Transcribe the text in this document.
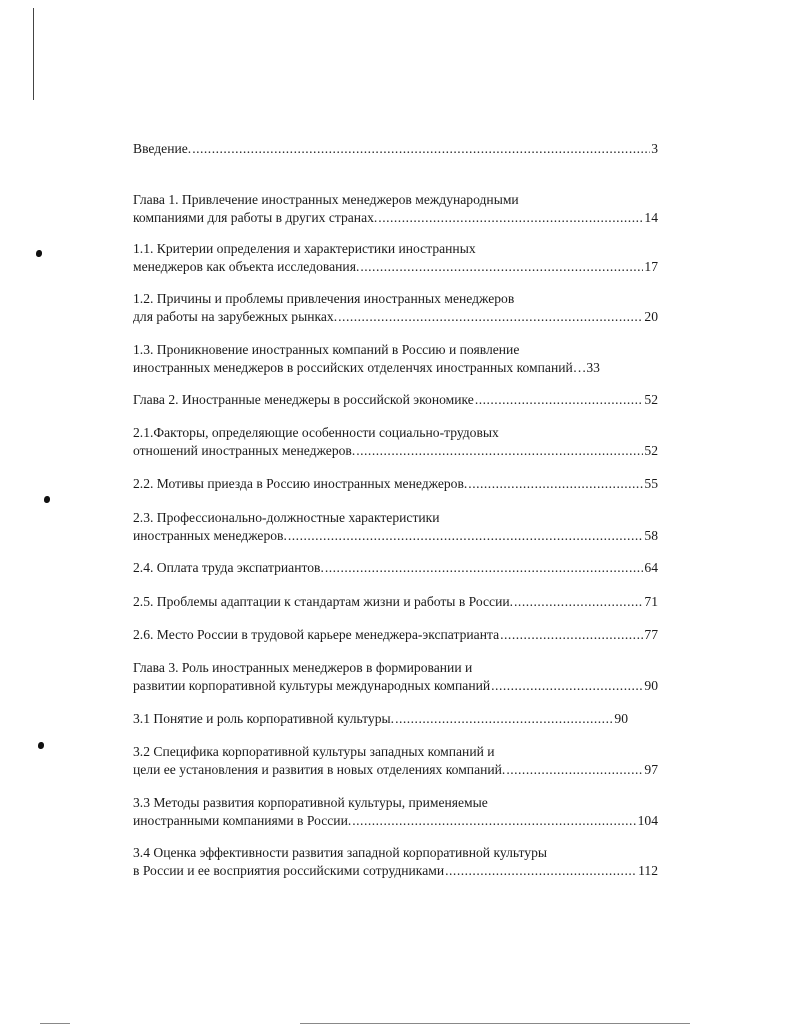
Введение. .....	3
Глава 1. Привлечение иностранных менеджеров международными
компаниями для работы в других странах. .....	14
1.1. Критерии определения и характеристики иностранных
менеджеров как объекта исследования. .....	17
1.2. Причины и проблемы привлечения иностранных менеджеров
для работы на зарубежных рынках. .....	20
1.3. Проникновение иностранных компаний в Россию и появление
иностранных менеджеров в российских отделенчях иностранных компаний… 33
Глава 2. Иностранные менеджеры в российской экономике .....	52
2.1.Факторы, определяющие особенности социально-трудовых
отношений иностранных менеджеров. .....	52
2.2. Мотивы приезда в Россию иностранных менеджеров. .....	55
2.3. Профессионально-должностные характеристики
иностранных менеджеров. .....	58
2.4. Оплата труда экспатриантов. .....	64
2.5. Проблемы адаптации к стандартам жизни и работы в России. .....	71
2.6. Место России в трудовой карьере менеджера-экспатрианта .....	77
Глава 3. Роль иностранных менеджеров в формировании и
развитии корпоративной культуры международных компаний .....	90
3.1 Понятие и роль корпоративной культуры. .....	90
3.2 Специфика корпоративной культуры западных компаний и
цели ее установления и развития в новых отделениях компаний. .....	97
3.3 Методы развития корпоративной культуры, применяемые
иностранными компаниями в России. .....	104
3.4 Оценка эффективности развития западной корпоративной культуры
в России и ее восприятия российскими сотрудниками .....	112
